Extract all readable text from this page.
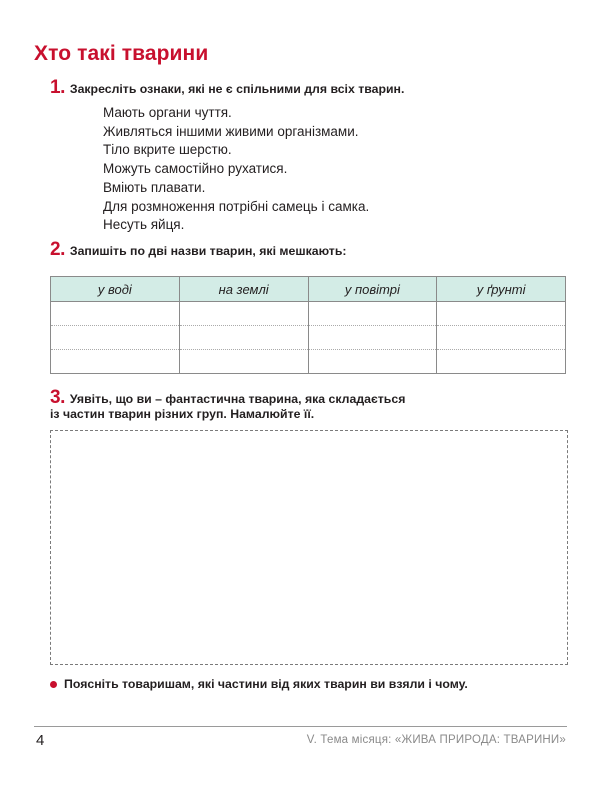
Хто такі тварини
1. Закресліть ознаки, які не є спільними для всіх тварин.
Мають органи чуття.
Живляться іншими живими організмами.
Тіло вкрите шерстю.
Можуть самостійно рухатися.
Вміють плавати.
Для розмноження потрібні самець і самка.
Несуть яйця.
2. Запишіть по дві назви тварин, які мешкають:
у воді	на землі	у повітрі	у ґрунті

3. Уявіть, що ви – фантастична тварина, яка складається
із частин тварин різних груп. Намалюйте її.
Поясніть товаришам, які частини від яких тварин ви взяли і чому.
4	V. Тема місяця: «ЖИВА ПРИРОДА: ТВАРИНИ»
